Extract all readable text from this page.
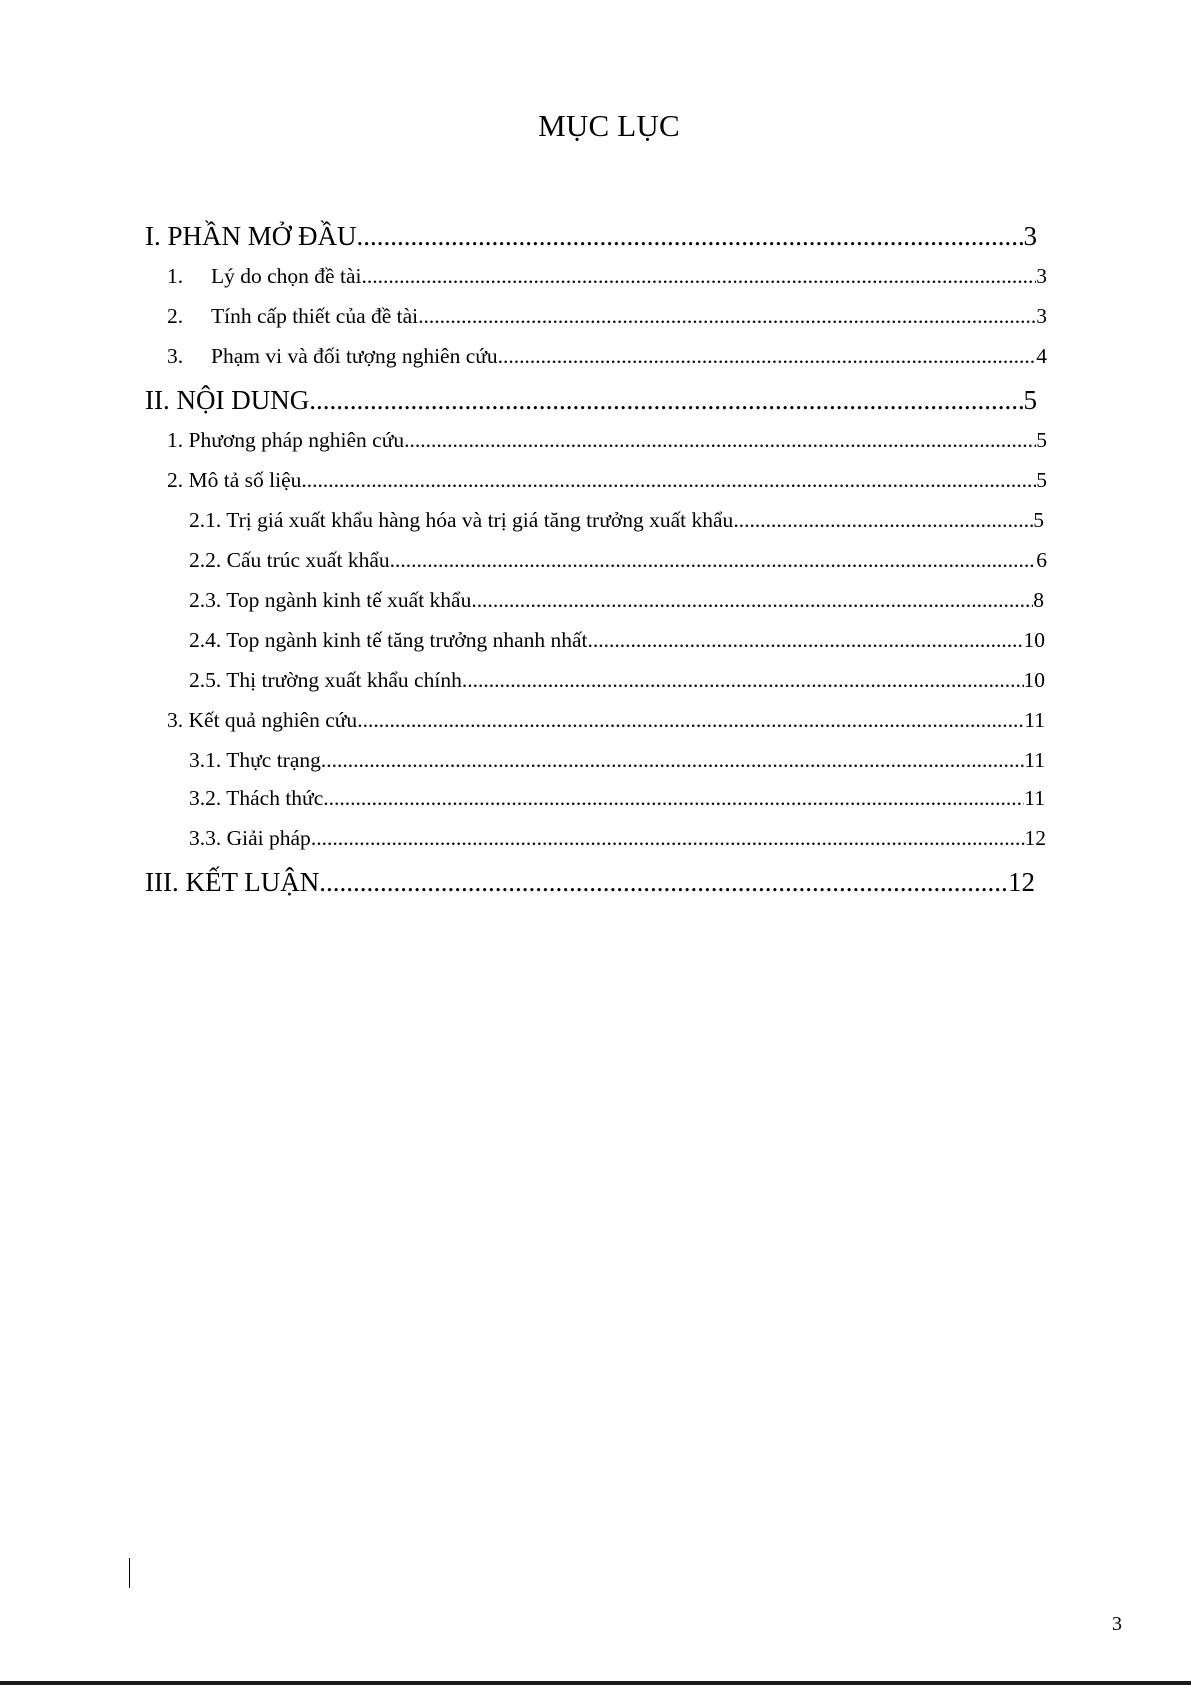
MỤC LỤC
I. PHẦN MỞ ĐẦU .....	3
1.	Lý do chọn đề tài .....	3
2.	Tính cấp thiết của đề tài .....	3
3.	Phạm vi và đối tượng nghiên cứu .....	4
II. NỘI DUNG .....	5
1. Phương pháp nghiên cứu .....	5
2. Mô tả số liệu .....	5
2.1. Trị giá xuất khẩu hàng hóa và trị giá tăng trưởng xuất khẩu .....	5
2.2. Cấu trúc xuất khẩu .....	6
2.3. Top ngành kinh tế xuất khẩu .....	8
2.4. Top ngành kinh tế tăng trưởng nhanh nhất .....	10
2.5. Thị trường xuất khẩu chính .....	10
3. Kết quả nghiên cứu .....	11
3.1. Thực trạng .....	11
3.2. Thách thức .....	11
3.3. Giải pháp .....	12
III. KẾT LUẬN .....	12
3
